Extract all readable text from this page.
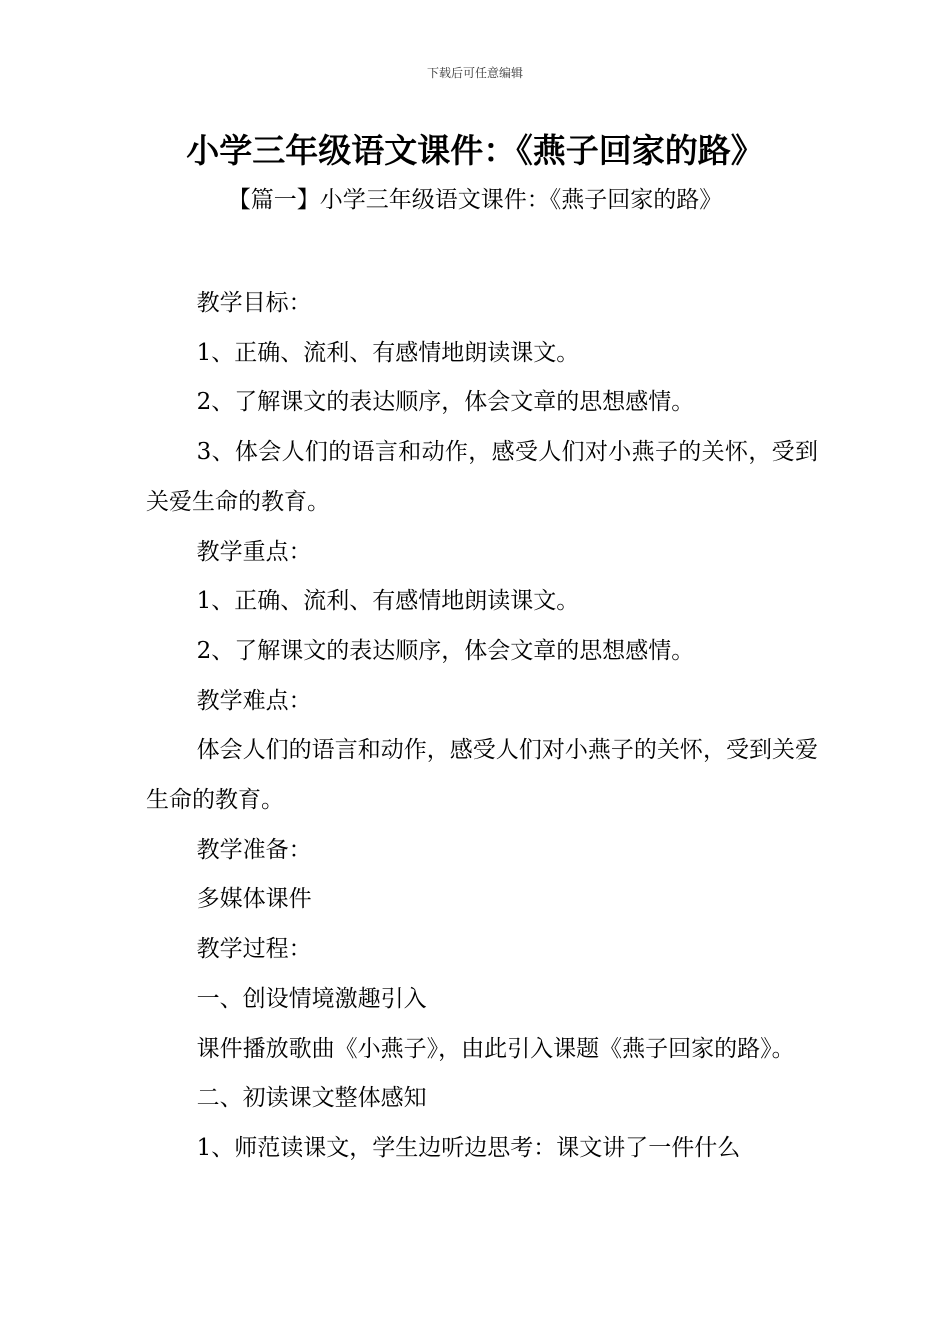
下载后可任意编辑
小学三年级语文课件：《燕子回家的路》

【篇一】小学三年级语文课件：《燕子回家的路》

教学目标：

1、正确、流利、有感情地朗读课文。

2、了解课文的表达顺序，体会文章的思想感情。

3、体会人们的语言和动作，感受人们对小燕子的关怀，受到关爱生命的教育。

教学重点：

1、正确、流利、有感情地朗读课文。

2、了解课文的表达顺序，体会文章的思想感情。

教学难点：

体会人们的语言和动作，感受人们对小燕子的关怀，受到关爱生命的教育。

教学准备：

多媒体课件

教学过程：

一、创设情境激趣引入

课件播放歌曲《小燕子》，由此引入课题《燕子回家的路》。

二、初读课文整体感知

1、师范读课文，学生边听边思考：课文讲了一件什么
